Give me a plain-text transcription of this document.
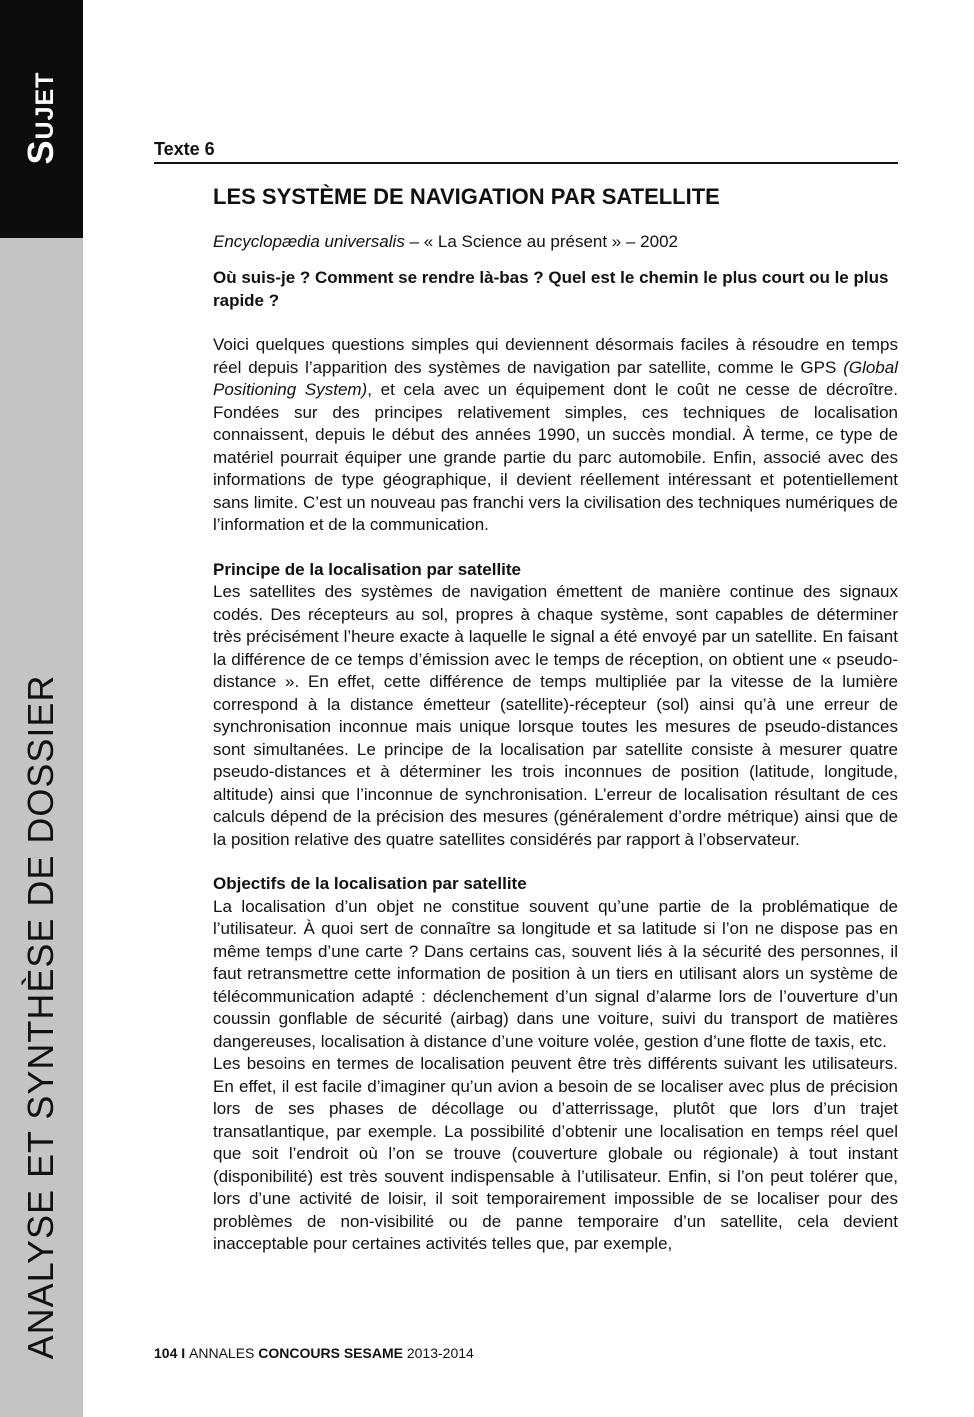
Sujet
ANALYSE ET SYNTHÈSE DE DOSSIER
Texte 6
LES SYSTÈME DE NAVIGATION PAR SATELLITE
Encyclopædia universalis – « La Science au présent » – 2002
Où suis-je ? Comment se rendre là-bas ? Quel est le chemin le plus court ou le plus rapide ?

Voici quelques questions simples qui deviennent désormais faciles à résoudre en temps réel depuis l’apparition des systèmes de navigation par satellite, comme le GPS (Global Positioning System), et cela avec un équipement dont le coût ne cesse de décroître. Fondées sur des principes relativement simples, ces techniques de localisation connaissent, depuis le début des années 1990, un succès mondial. À terme, ce type de matériel pourrait équiper une grande partie du parc automobile. Enfin, associé avec des informations de type géographique, il devient réellement intéressant et potentiellement sans limite. C’est un nouveau pas franchi vers la civilisation des techniques numériques de l’information et de la communication.

Principe de la localisation par satellite

Les satellites des systèmes de navigation émettent de manière continue des signaux codés. Des récepteurs au sol, propres à chaque système, sont capables de déterminer très précisément l’heure exacte à laquelle le signal a été envoyé par un satellite. En faisant la différence de ce temps d’émission avec le temps de réception, on obtient une « pseudo-distance ». En effet, cette différence de temps multipliée par la vitesse de la lumière correspond à la distance émetteur (satellite)-récepteur (sol) ainsi qu’à une erreur de synchronisation inconnue mais unique lorsque toutes les mesures de pseudo-distances sont simultanées. Le principe de la localisation par satellite consiste à mesurer quatre pseudo-distances et à déterminer les trois inconnues de position (latitude, longitude, altitude) ainsi que l’inconnue de synchronisation. L’erreur de localisation résultant de ces calculs dépend de la précision des mesures (généralement d’ordre métrique) ainsi que de la position relative des quatre satellites considérés par rapport à l’observateur.

Objectifs de la localisation par satellite

La localisation d’un objet ne constitue souvent qu’une partie de la problématique de l’utilisateur. À quoi sert de connaître sa longitude et sa latitude si l’on ne dispose pas en même temps d’une carte ? Dans certains cas, souvent liés à la sécurité des personnes, il faut retransmettre cette information de position à un tiers en utilisant alors un système de télécommunication adapté : déclenchement d’un signal d’alarme lors de l’ouverture d’un coussin gonflable de sécurité (airbag) dans une voiture, suivi du transport de matières dangereuses, localisation à distance d’une voiture volée, gestion d’une flotte de taxis, etc.

Les besoins en termes de localisation peuvent être très différents suivant les utilisateurs. En effet, il est facile d’imaginer qu’un avion a besoin de se localiser avec plus de précision lors de ses phases de décollage ou d’atterrissage, plutôt que lors d’un trajet transatlantique, par exemple. La possibilité d’obtenir une localisation en temps réel quel que soit l’endroit où l’on se trouve (couverture globale ou régionale) à tout instant (disponibilité) est très souvent indispensable à l’utilisateur. Enfin, si l’on peut tolérer que, lors d’une activité de loisir, il soit temporairement impossible de se localiser pour des problèmes de non-visibilité ou de panne temporaire d’un satellite, cela devient inacceptable pour certaines activités telles que, par exemple,

104 I ANNALES CONCOURS SESAME 2013-2014
